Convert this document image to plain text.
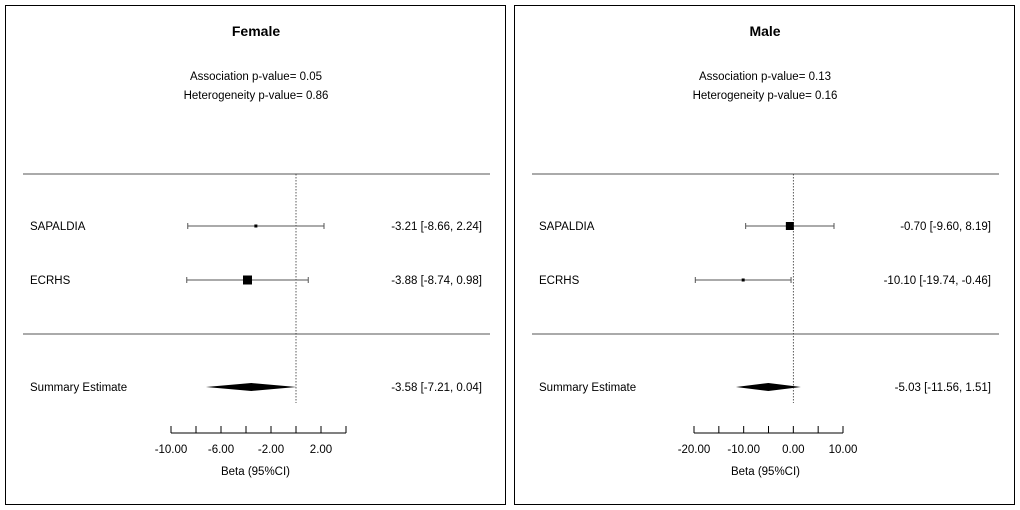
Female
Association p-value= 0.05
Heterogeneity p-value= 0.86
SAPALDIA	-3.21 [-8.66, 2.24]
ECRHS	-3.88 [-8.74, 0.98]
Summary Estimate	-3.58 [-7.21, 0.04]
-10.00 -6.00 -2.00 2.00
Beta (95%CI)
Male
Association p-value= 0.13
Heterogeneity p-value= 0.16
SAPALDIA	-0.70 [-9.60, 8.19]
ECRHS	-10.10 [-19.74, -0.46]
Summary Estimate	-5.03 [-11.56, 1.51]
-20.00 -10.00 0.00 10.00
Beta (95%CI)
